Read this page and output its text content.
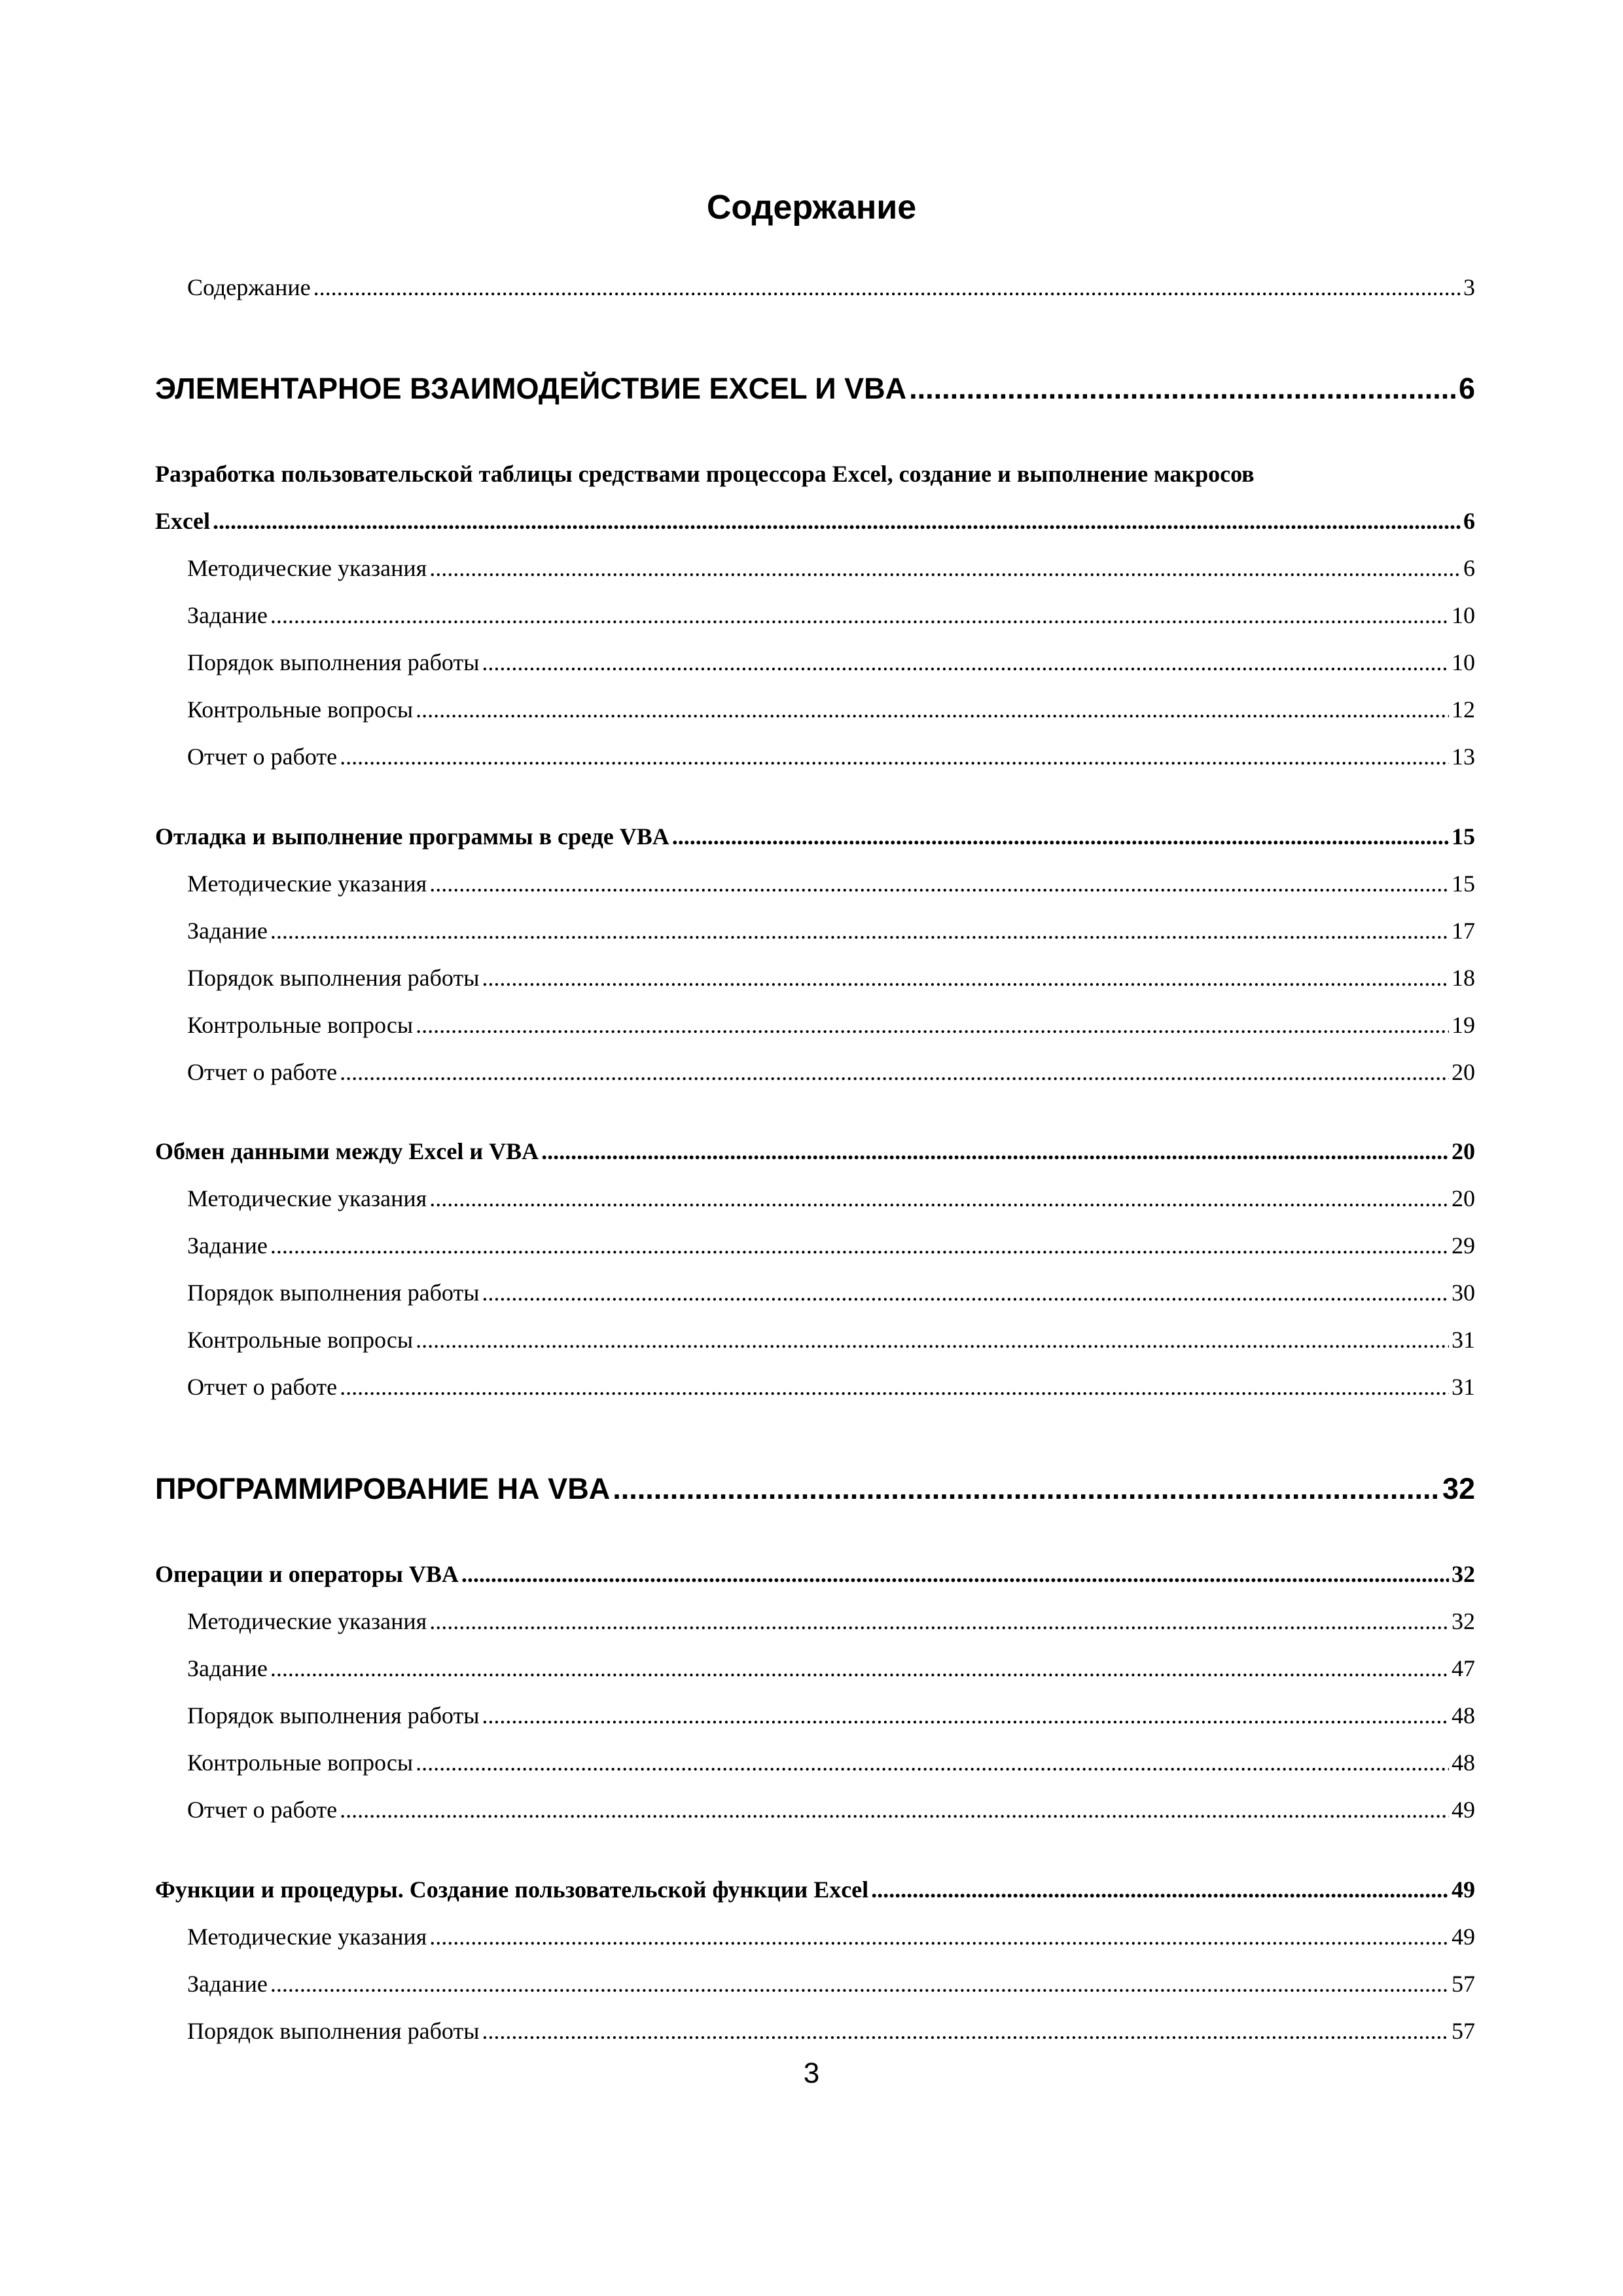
Содержание
Содержание .....	3
ЭЛЕМЕНТАРНОЕ ВЗАИМОДЕЙСТВИЕ EXCEL И VBA .....	6
Разработка пользовательской таблицы средствами процессора Excel, создание и выполнение макросов
Excel .....	6
Методические указания .....	6
Задание .....	10
Порядок выполнения работы .....	10
Контрольные вопросы .....	12
Отчет о работе .....	13
Отладка и выполнение программы в среде VBA .....	15
Методические указания .....	15
Задание .....	17
Порядок выполнения работы .....	18
Контрольные вопросы .....	19
Отчет о работе .....	20
Обмен данными между Excel и VBA .....	20
Методические указания .....	20
Задание .....	29
Порядок выполнения работы .....	30
Контрольные вопросы .....	31
Отчет о работе .....	31
ПРОГРАММИРОВАНИЕ НА VBA .....	32
Операции и операторы VBA .....	32
Методические указания .....	32
Задание .....	47
Порядок выполнения работы .....	48
Контрольные вопросы .....	48
Отчет о работе .....	49
Функции и процедуры. Создание пользовательской функции Excel .....	49
Методические указания .....	49
Задание .....	57
Порядок выполнения работы .....	57
3
